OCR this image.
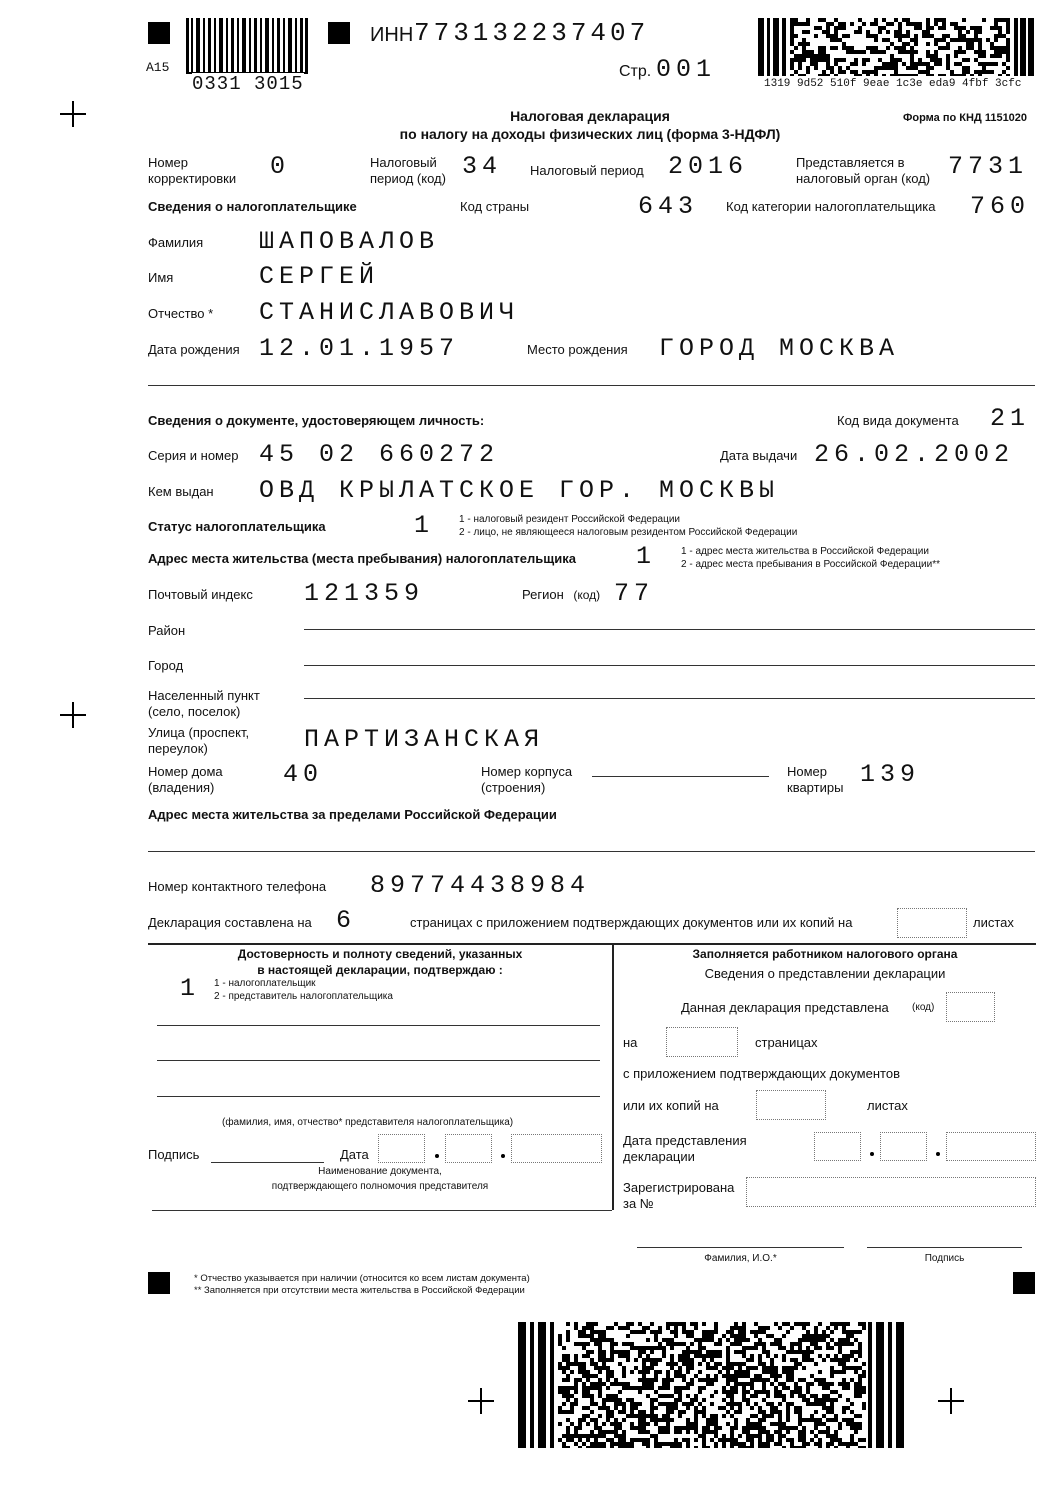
0331 3015
A15
ИНН 773132237407
Стр. 001	1319 9d52 510f 9eae 1c3e eda9 4fbf 3cfc
Налоговая декларация
по налогу на доходы физических лиц (форма 3-НДФЛ)
Форма по КНД 1151020
Номер
корректировки 0	Налоговый
период (код) 34 Налоговый период 2016	Представляется в
налоговый орган (код) 7731
Сведения о налогоплательщике	Код страны	643 Код категории налогоплательщика 760
Фамилия ШАПОВАЛОВ
Имя	СЕРГЕЙ
Отчество * СТАНИСЛАВОВИЧ
Дата рождения 12.01.1957	Место рождения ГОРОД МОСКВА
Сведения о документе, удостоверяющем личность:	Код вида документа 21
Серия и номер 45 02 660272	Дата выдачи 26.02.2002
Кем выдан ОВД КРЫЛАТСКОЕ ГОР. МОСКВЫ
Статус налогоплательщика	1 1 - налоговый резидент Российской Федерации
2 - лицо, не являющееся налоговым резидентом Российской Федерации
Адрес места жительства (места пребывания) налогоплательщика 1 1 - адрес места жительства в Российской Федерации
2 - адрес места пребывания в Российской Федерации**
Почтовый индекс 121359	Регион (код) 77
Район
Город
Населенный пункт
(село, поселок)
Улица (проспект,
переулок)	ПАРТИЗАНСКАЯ
Номер дома
(владения)	40	Номер корпуса
(строения)
Номер
квартиры 139
Адрес места жительства за пределами Российской Федерации
Номер контактного телефона 89774438984
Декларация составлена на 6	страницах с приложением подтверждающих документов или их копий на	листах
Достоверность и полноту сведений, указанных
в настоящей декларации, подтверждаю :
1 1 - налогоплательщик
2 - представитель налогоплательщика
(фамилия, имя, отчество* представителя налогоплательщика)
Подпись	Дата
Наименование документа,
подтверждающего полномочия представителя
Заполняется работником налогового органа
Сведения о представлении декларации
Данная декларация представлена (код)
на	страницах
с приложением подтверждающих документов
или их копий на	листах
Дата представления
декларации
Зарегистрирована
за №
Фамилия, И.О.*	Подпись
* Отчество указывается при наличии (относится ко всем листам документа)
** Заполняется при отсутствии места жительства в Российской Федерации
